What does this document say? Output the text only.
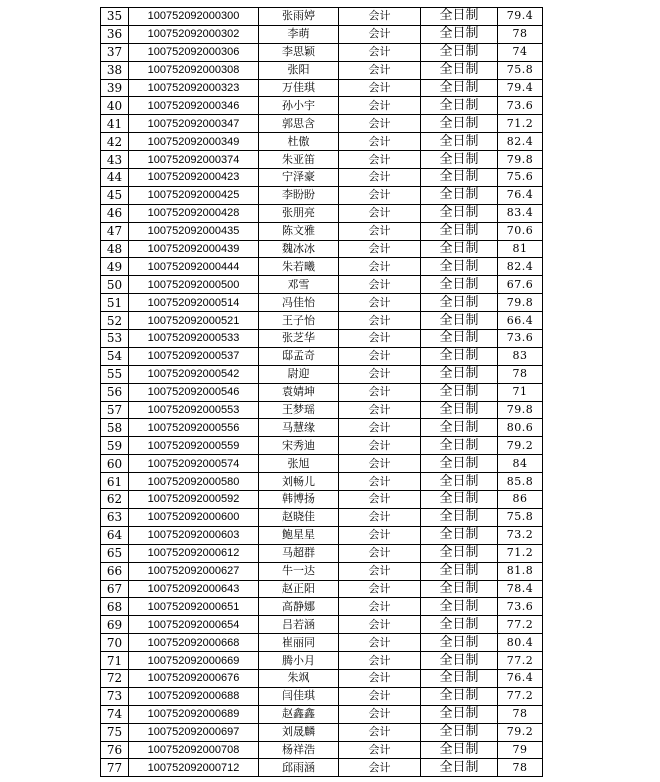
35	100752092000300	张雨婷	会计	全日制	79.4
36	100752092000302	李萌	会计	全日制	78
37	100752092000306	李思颖	会计	全日制	74
38	100752092000308	张阳	会计	全日制	75.8
39	100752092000323	万佳琪	会计	全日制	79.4
40	100752092000346	孙小宇	会计	全日制	73.6
41	100752092000347	郭思含	会计	全日制	71.2
42	100752092000349	杜傲	会计	全日制	82.4
43	100752092000374	朱亚笛	会计	全日制	79.8
44	100752092000423	宁泽豪	会计	全日制	75.6
45	100752092000425	李盼盼	会计	全日制	76.4
46	100752092000428	张朋亮	会计	全日制	83.4
47	100752092000435	陈文雅	会计	全日制	70.6
48	100752092000439	魏冰冰	会计	全日制	81
49	100752092000444	朱若曦	会计	全日制	82.4
50	100752092000500	邓雪	会计	全日制	67.6
51	100752092000514	冯佳怡	会计	全日制	79.8
52	100752092000521	王子怡	会计	全日制	66.4
53	100752092000533	张芝华	会计	全日制	73.6
54	100752092000537	邸孟奇	会计	全日制	83
55	100752092000542	尉迎	会计	全日制	78
56	100752092000546	袁婧坤	会计	全日制	71
57	100752092000553	王梦瑶	会计	全日制	79.8
58	100752092000556	马慧缘	会计	全日制	80.6
59	100752092000559	宋秀迪	会计	全日制	79.2
60	100752092000574	张旭	会计	全日制	84
61	100752092000580	刘畅儿	会计	全日制	85.8
62	100752092000592	韩博扬	会计	全日制	86
63	100752092000600	赵晓佳	会计	全日制	75.8
64	100752092000603	鲍星星	会计	全日制	73.2
65	100752092000612	马超群	会计	全日制	71.2
66	100752092000627	牛一达	会计	全日制	81.8
67	100752092000643	赵正阳	会计	全日制	78.4
68	100752092000651	高静娜	会计	全日制	73.6
69	100752092000654	吕若涵	会计	全日制	77.2
70	100752092000668	崔丽同	会计	全日制	80.4
71	100752092000669	腾小月	会计	全日制	77.2
72	100752092000676	朱飒	会计	全日制	76.4
73	100752092000688	闫佳琪	会计	全日制	77.2
74	100752092000689	赵鑫鑫	会计	全日制	78
75	100752092000697	刘晟麟	会计	全日制	79.2
76	100752092000708	杨祥浩	会计	全日制	79
77	100752092000712	邱雨涵	会计	全日制	78
